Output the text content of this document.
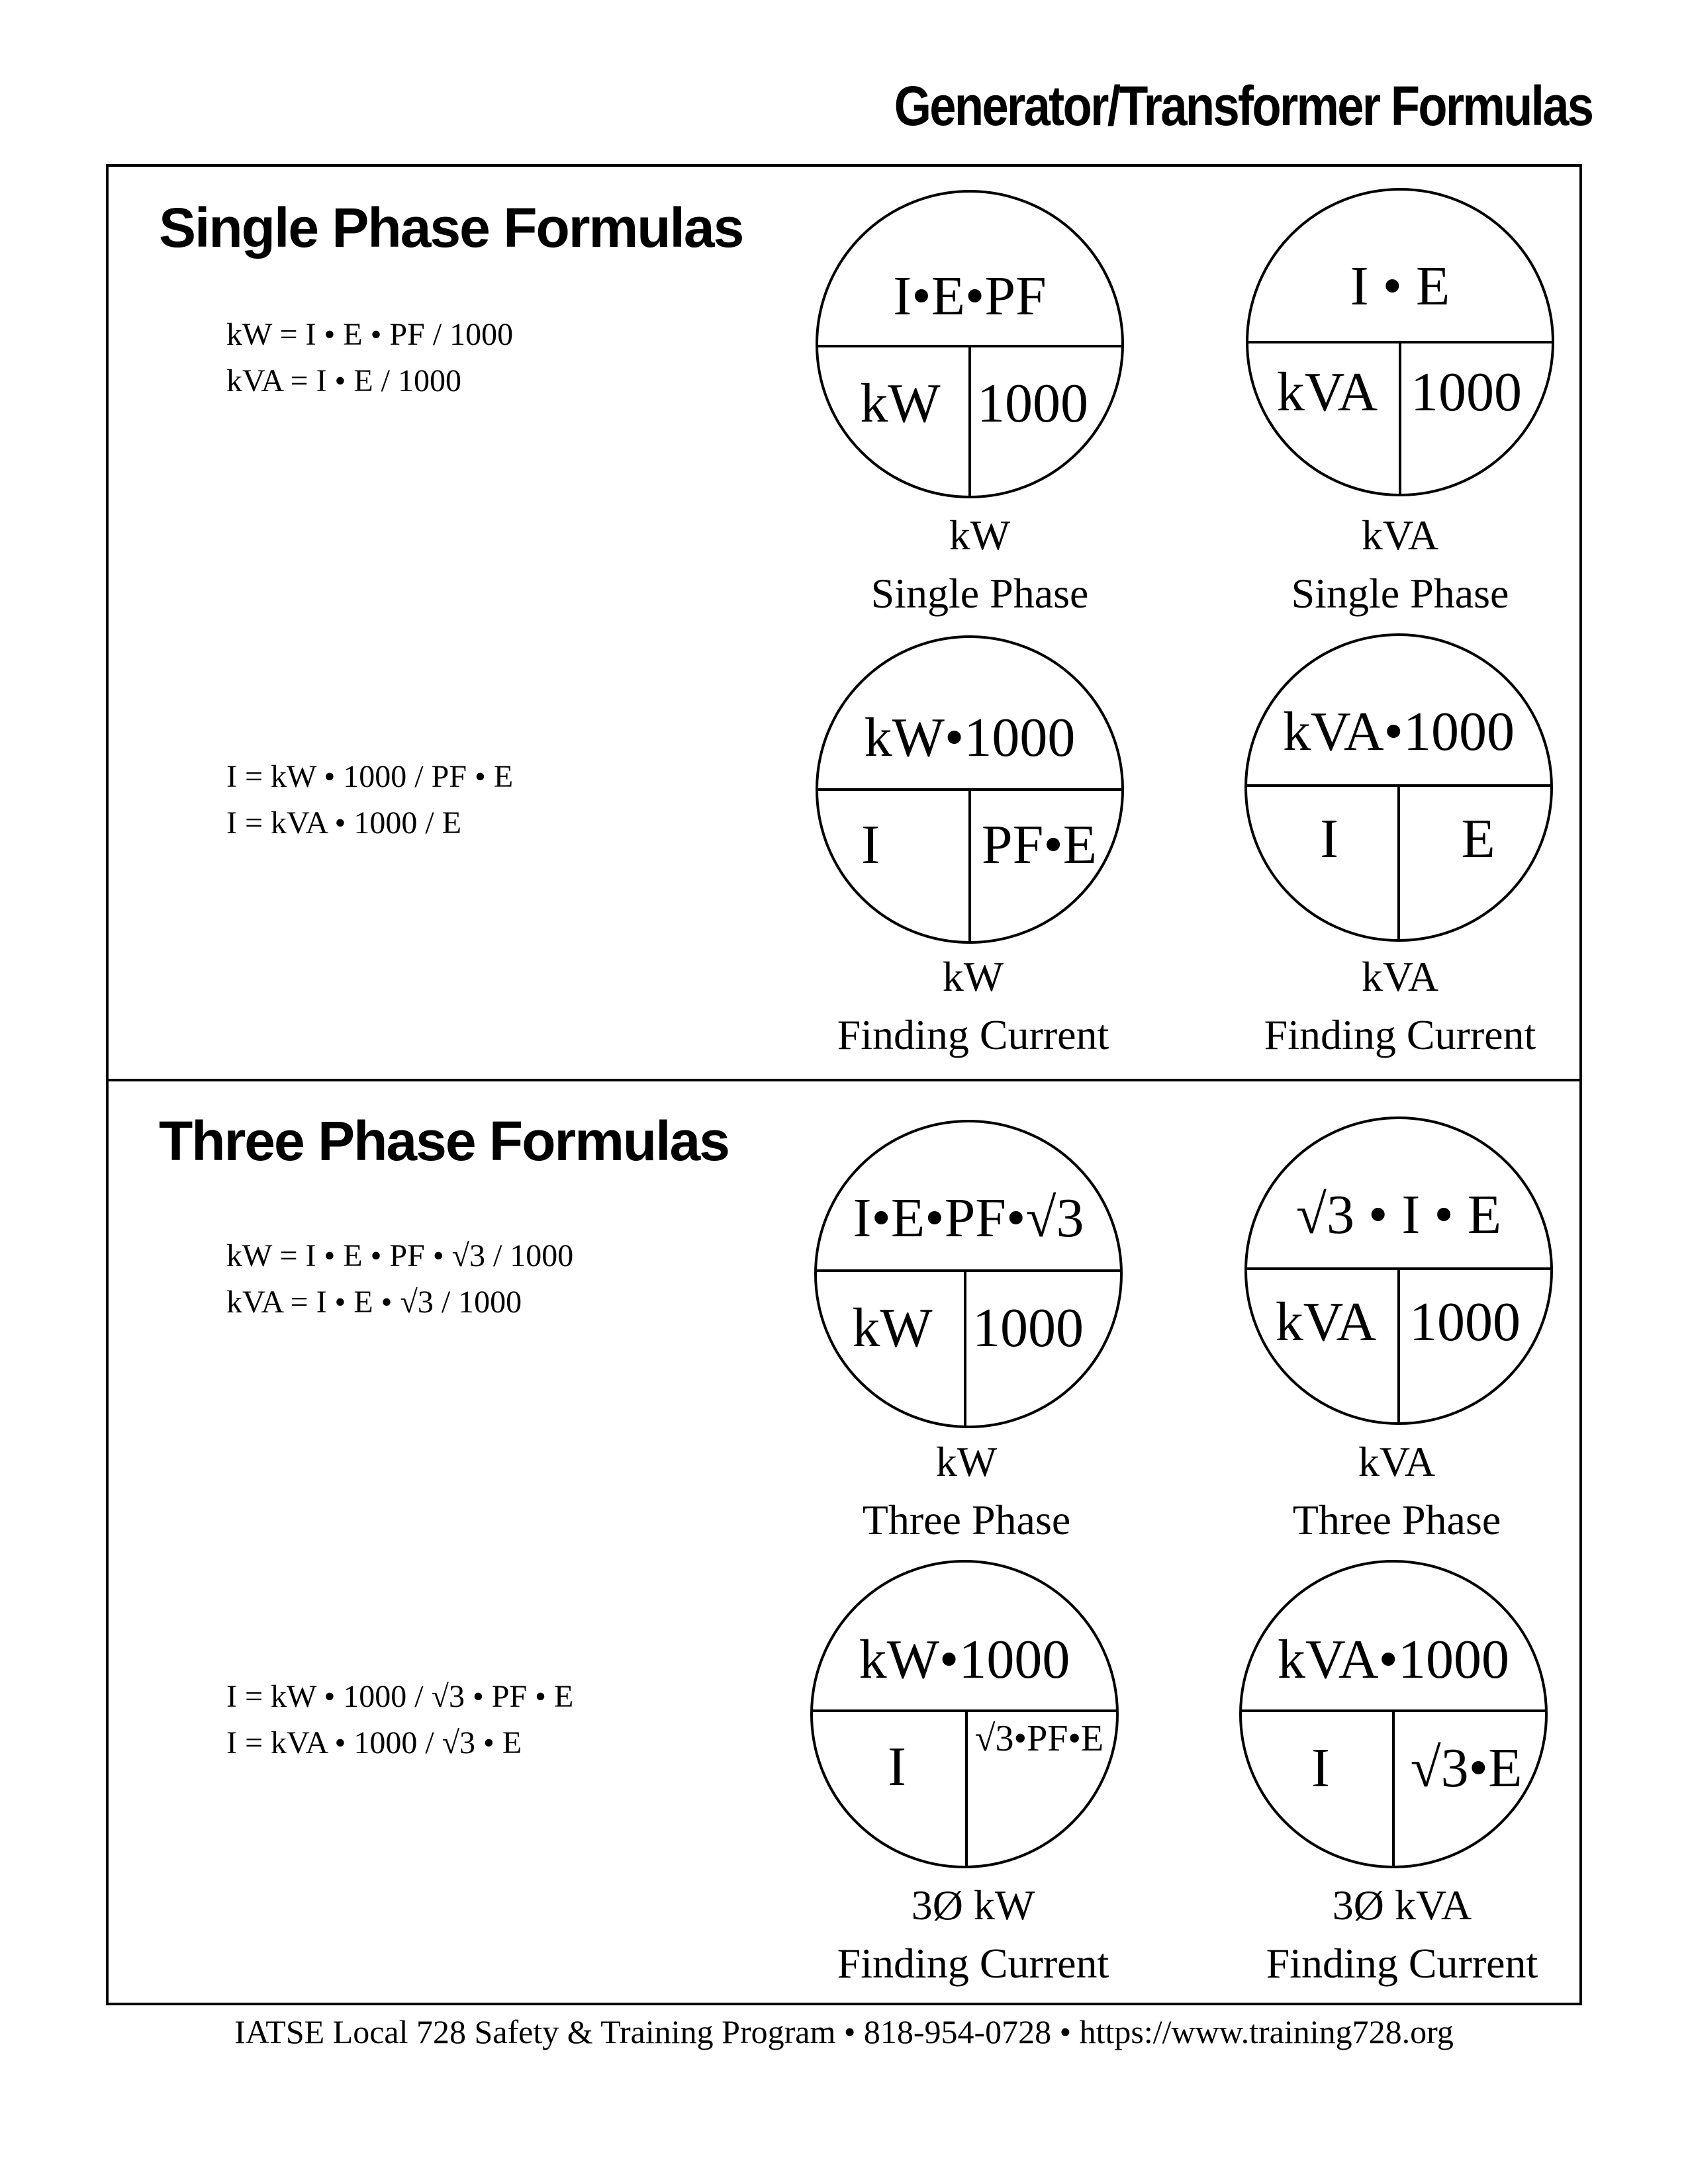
Generator/Transformer Formulas
Single Phase Formulas
kW = I • E • PF / 1000
kVA = I • E / 1000
I = kW • 1000 / PF • E
I = kVA • 1000 / E
Three Phase Formulas
kW = I • E • PF • √3 / 1000
kVA = I • E • √3 / 1000
I = kW • 1000 / √3 • PF • E
I = kVA • 1000 / √3 • E
I•E•PF
kW 1000
kW
Single Phase
I • E
kVA 1000
kVA
Single Phase
kW•1000
I PF•E
kW
Finding Current
kVA•1000
I E
kVA
Finding Current
I•E•PF•√3
kW 1000
kW
Three Phase
√3 • I • E
kVA 1000
kVA
Three Phase
kW•1000
I √3•PF•E
3Ø kW
Finding Current
kVA•1000
I √3•E
3Ø kVA
Finding Current
IATSE Local 728 Safety & Training Program • 818-954-0728 • https://www.training728.org
